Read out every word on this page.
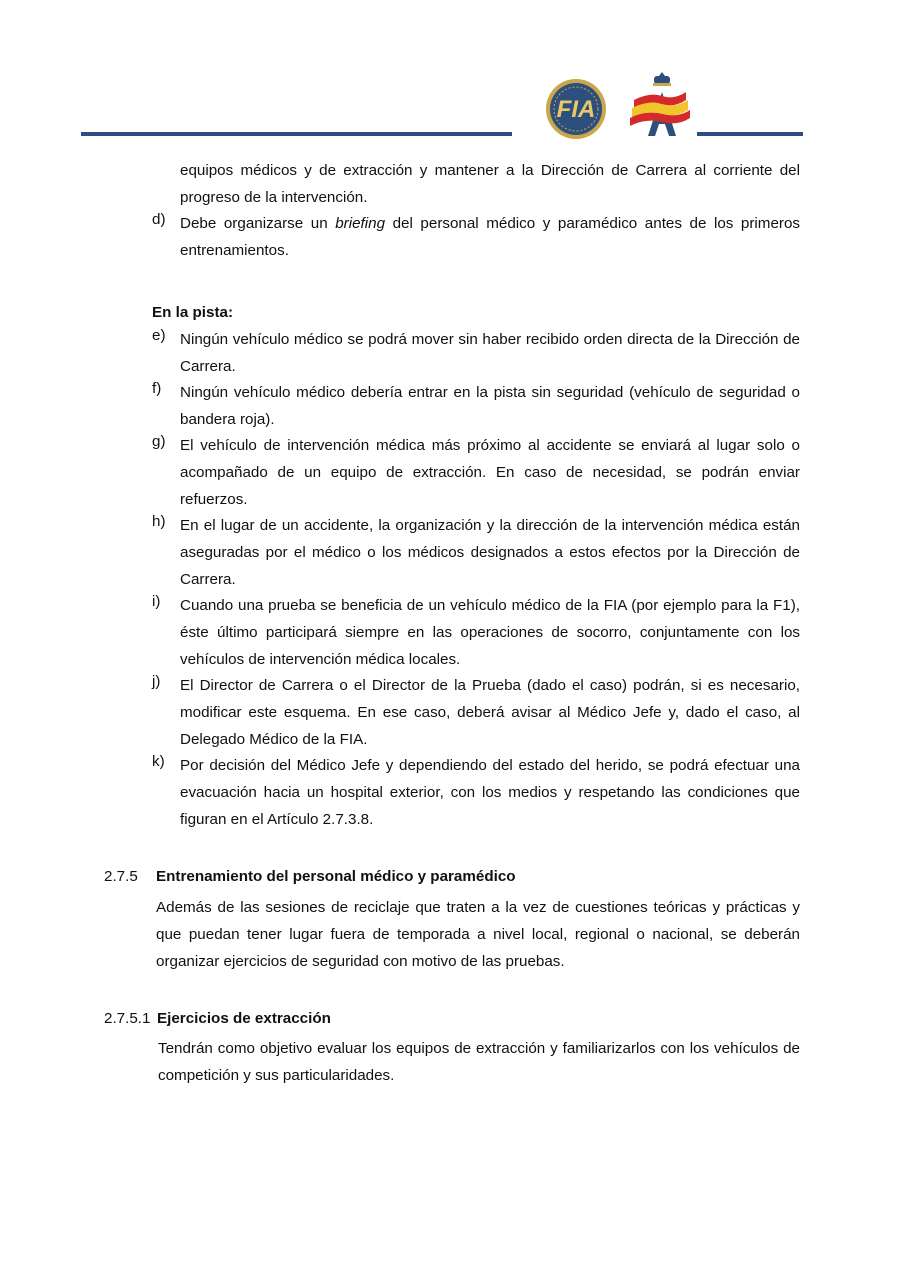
FIA
equipos médicos y de extracción y mantener a la Dirección de Carrera al corriente del progreso de la intervención.
d) Debe organizarse un briefing del personal médico y paramédico antes de los primeros entrenamientos.
En la pista:
e) Ningún vehículo médico se podrá mover sin haber recibido orden directa de la Dirección de Carrera.
f) Ningún vehículo médico debería entrar en la pista sin seguridad (vehículo de seguridad o bandera roja).
g) El vehículo de intervención médica más próximo al accidente se enviará al lugar solo o acompañado de un equipo de extracción. En caso de necesidad, se podrán enviar refuerzos.
h) En el lugar de un accidente, la organización y la dirección de la intervención médica están aseguradas por el médico o los médicos designados a estos efectos por la Dirección de Carrera.
i) Cuando una prueba se beneficia de un vehículo médico de la FIA (por ejemplo para la F1), éste último participará siempre en las operaciones de socorro, conjuntamente con los vehículos de intervención médica locales.
j) El Director de Carrera o el Director de la Prueba (dado el caso) podrán, si es necesario, modificar este esquema. En ese caso, deberá avisar al Médico Jefe y, dado el caso, al Delegado Médico de la FIA.
k) Por decisión del Médico Jefe y dependiendo del estado del herido, se podrá efectuar una evacuación hacia un hospital exterior, con los medios y respetando las condiciones que figuran en el Artículo 2.7.3.8.
2.7.5 Entrenamiento del personal médico y paramédico
Además de las sesiones de reciclaje que traten a la vez de cuestiones teóricas y prácticas y que puedan tener lugar fuera de temporada a nivel local, regional o nacional, se deberán organizar ejercicios de seguridad con motivo de las pruebas.
2.7.5.1 Ejercicios de extracción
Tendrán como objetivo evaluar los equipos de extracción y familiarizarlos con los vehículos de competición y sus particularidades.
